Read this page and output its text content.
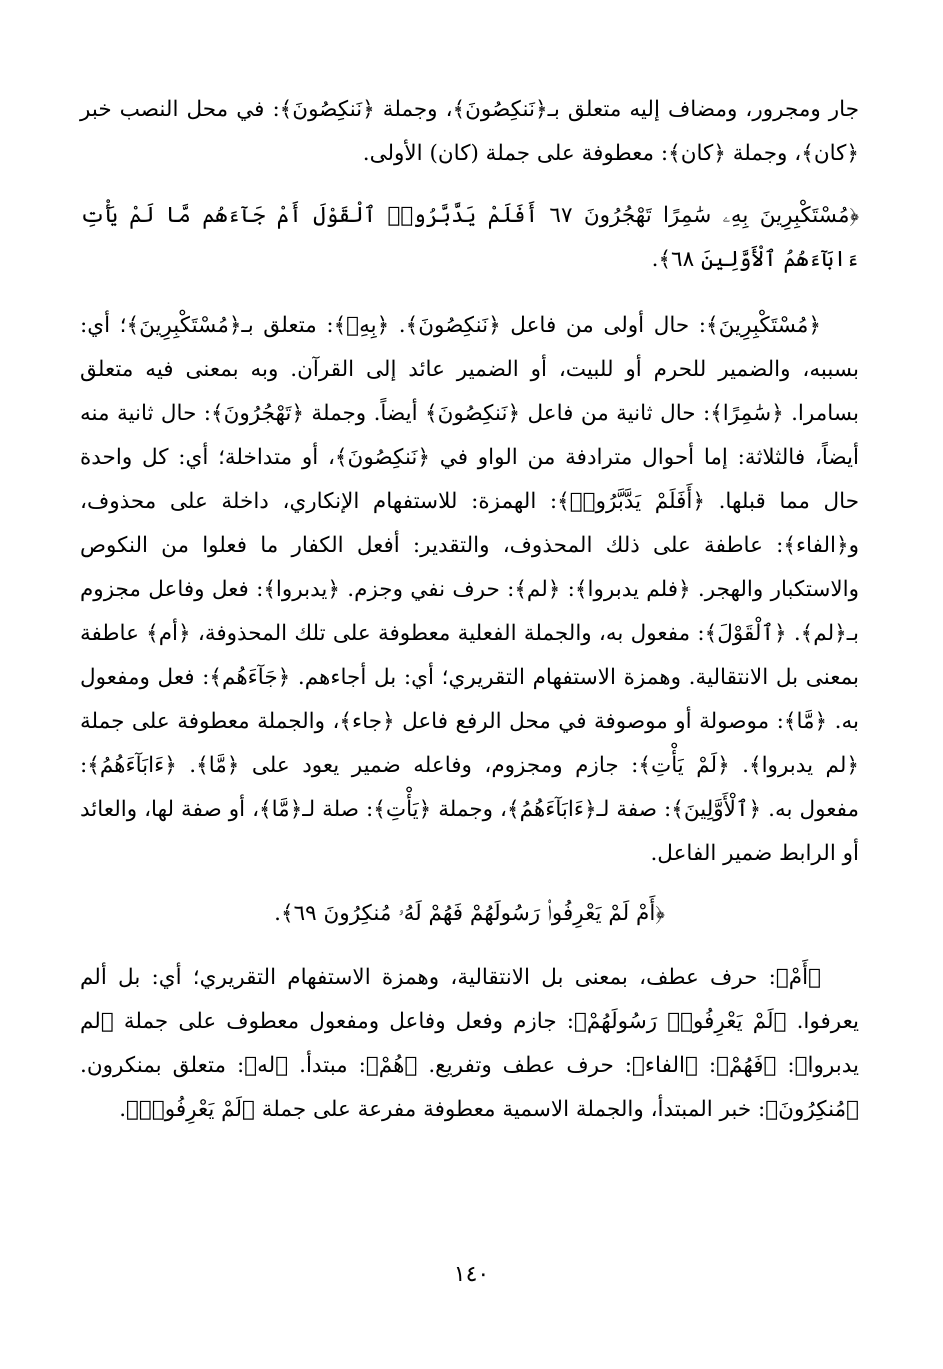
جار ومجرور، ومضاف إليه متعلق بـ﴿نَنكِصُونَ﴾، وجملة ﴿نَنكِصُونَ﴾: في محل النصب خبر ﴿كان﴾، وجملة ﴿كان﴾: معطوفة على جملة (كان) الأولى.

﴿مُسْتَكْبِرِينَ بِهِۦ سَٰمِرًا تَهْجُرُونَ ٦٧ أَفَلَمْ يَدَّبَّرُوا۟ ٱلْقَوْلَ أَمْ جَآءَهُم مَّا لَمْ يَأْتِ ءَابَآءَهُمُ ٱلْأَوَّلِينَ ٦٨﴾.

﴿مُسْتَكْبِرِينَ﴾: حال أولى من فاعل ﴿نَنكِصُونَ﴾. ﴿بِهِۦ﴾: متعلق بـ﴿مُسْتَكْبِرِينَ﴾؛ أي: بسببه، والضمير للحرم أو للبيت، أو الضمير عائد إلى القرآن. وبه بمعنى فيه متعلق بسامرا. ﴿سَٰمِرًا﴾: حال ثانية من فاعل ﴿نَنكِصُونَ﴾ أيضاً. وجملة ﴿تَهْجُرُونَ﴾: حال ثانية منه أيضاً، فالثلاثة: إما أحوال مترادفة من الواو في ﴿نَنكِصُونَ﴾، أو متداخلة؛ أي: كل واحدة حال مما قبلها. ﴿أَفَلَمْ يَدَّبَّرُوا۟﴾: الهمزة: للاستفهام الإنكاري، داخلة على محذوف، و﴿الفاء﴾: عاطفة على ذلك المحذوف، والتقدير: أفعل الكفار ما فعلوا من النكوص والاستكبار والهجر. ﴿فلم يدبروا﴾: ﴿لم﴾: حرف نفي وجزم. ﴿يدبروا﴾: فعل وفاعل مجزوم بـ﴿لم﴾. ﴿ٱلْقَوْلَ﴾: مفعول به، والجملة الفعلية معطوفة على تلك المحذوفة، ﴿أم﴾ عاطفة بمعنى بل الانتقالية. وهمزة الاستفهام التقريري؛ أي: بل أجاءهم. ﴿جَآءَهُم﴾: فعل ومفعول به. ﴿مَّا﴾: موصولة أو موصوفة في محل الرفع فاعل ﴿جاء﴾، والجملة معطوفة على جملة ﴿لم يدبروا﴾. ﴿لَمْ يَأْتِ﴾: جازم ومجزوم، وفاعله ضمير يعود على ﴿مَّا﴾. ﴿ءَابَآءَهُمُ﴾: مفعول به. ﴿ٱلْأَوَّلِينَ﴾: صفة لـ﴿ءَابَآءَهُمُ﴾، وجملة ﴿يَأْتِ﴾: صلة لـ﴿مَّا﴾، أو صفة لها، والعائد أو الرابط ضمير الفاعل.

﴿أَمْ لَمْ يَعْرِفُوا۟ رَسُولَهُمْ فَهُمْ لَهُۥ مُنكِرُونَ ٦٩﴾.

﴿أَمْ﴾: حرف عطف، بمعنى بل الانتقالية، وهمزة الاستفهام التقريري؛ أي: بل ألم يعرفوا. ﴿لَمْ يَعْرِفُوا۟ رَسُولَهُمْ﴾: جازم وفعل وفاعل ومفعول معطوف على جملة ﴿لم يدبروا﴾: ﴿فَهُمْ﴾: ﴿الفاء﴾: حرف عطف وتفريع. ﴿هُمْ﴾: مبتدأ. ﴿له﴾: متعلق بمنكرون. ﴿مُنكِرُونَ﴾: خبر المبتدأ، والجملة الاسمية معطوفة مفرعة على جملة ﴿لَمْ يَعْرِفُوا۟﴾.

١٤٠
